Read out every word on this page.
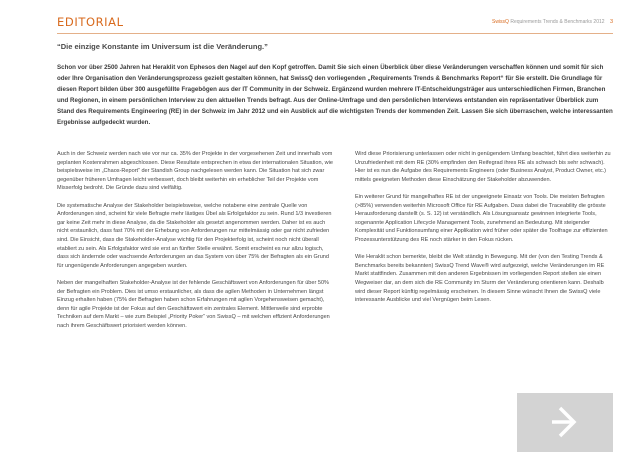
EDITORIAL	SwissQ Requirements Trends & Benchmarks 2012 3

“Die einzige Konstante im Universum ist die Veränderung.”

Schon vor über 2500 Jahren hat Heraklit von Ephesos den Nagel auf den Kopf getroffen. Damit Sie sich einen Überblick über diese Veränderungen verschaffen können und somit für sich oder Ihre Organisation den Veränderungsprozess gezielt gestalten können, hat SwissQ den vorliegenden „Requirements Trends & Benchmarks Report“ für Sie erstellt. Die Grundlage für diesen Report bilden über 300 ausgefüllte Fragebögen aus der IT Community in der Schweiz. Ergänzend wurden mehrere IT-Entscheidungsträger aus unterschiedlichen Firmen, Branchen und Regionen, in einem persönlichen Interview zu den aktuellen Trends befragt. Aus der Online-Umfrage und den persönlichen Interviews entstanden ein repräsentativer Überblick zum Stand des Requirements Engineering (RE) in der Schweiz im Jahr 2012 und ein Ausblick auf die wichtigsten Trends der kommenden Zeit. Lassen Sie sich überraschen, welche interessanten Ergebnisse aufgedeckt wurden.

Auch in der Schweiz werden nach wie vor nur ca. 35% der Projekte in der vorgesehenen Zeit und innerhalb vom geplanten Kostenrahmen abgeschlossen. Diese Resultate entsprechen in etwa der internationalen Situation, wie beispielsweise im „Chaos-Report“ der Standish Group nachgelesen werden kann. Die Situation hat sich zwar gegenüber früheren Umfragen leicht verbessert, doch bleibt weiterhin ein erheblicher Teil der Projekte vom Misserfolg bedroht. Die Gründe dazu sind vielfältig.

Die systematische Analyse der Stakeholder beispielsweise, welche notabene eine zentrale Quelle von Anforderungen sind, scheint für viele Befragte mehr lästiges Übel als Erfolgsfaktor zu sein. Rund 1/3 investieren gar keine Zeit mehr in diese Analyse, da die Stakeholder als gesetzt angenommen werden. Daher ist es auch nicht erstaunlich, dass fast 70% mit der Erhebung von Anforderungen nur mittelmässig oder gar nicht zufrieden sind. Die Einsicht, dass die Stakeholder-Analyse wichtig für den Projekterfolg ist, scheint noch nicht überall etabliert zu sein. Als Erfolgsfaktor wird sie erst an fünfter Stelle erwähnt. Somit erscheint es nur allzu logisch, dass sich ändernde oder wachsende Anforderungen an das System von über 75% der Befragten als ein Grund für ungenügende Anforderungen angegeben wurden.

Neben der mangelhaften Stakeholder-Analyse ist der fehlende Geschäftswert von Anforderungen für über 50% der Befragten ein Problem. Dies ist umso erstaunlicher, als dass die agilen Methoden in Unternehmen längst Einzug erhalten haben (75% der Befragten haben schon Erfahrungen mit agilen Vorgehensweisen gemacht), denn für agile Projekte ist der Fokus auf den Geschäftswert ein zentrales Element. Mittlerweile sind erprobte Techniken auf dem Markt – wie zum Beispiel „Priority Poker“ von SwissQ – mit welchen effizient Anforderungen nach ihrem Geschäftswert priorisiert werden können.

Wird diese Priorisierung unterlassen oder nicht in genügendem Umfang beachtet, führt dies weiterhin zu Unzufriedenheit mit dem RE (30% empfinden den Reifegrad ihres RE als schwach bis sehr schwach). Hier ist es nun die Aufgabe des Requirements Engineers (oder Business Analyst, Product Owner, etc.) mittels geeigneten Methoden diese Einschätzung der Stakeholder abzuwenden.

Ein weiterer Grund für mangelhaftes RE ist der ungeeignete Einsatz von Tools. Die meisten Befragten (>85%) verwenden weiterhin Microsoft Office für RE Aufgaben. Dass dabei die Traceability die grösste Herausforderung darstellt (s. S. 12) ist verständlich. Als Lösungsansatz gewinnen integrierte Tools, sogenannte Application Lifecycle Management Tools, zunehmend an Bedeutung. Mit steigender Komplexität und Funktionsumfang einer Applikation wird früher oder später die Toolfrage zur effizienten Prozessunterstützung des RE noch stärker in den Fokus rücken.

Wie Heraklit schon bemerkte, bleibt die Welt ständig in Bewegung. Mit der (von den Testing Trends & Benchmarks bereits bekannten) SwissQ Trend Wave® wird aufgezeigt, welche Veränderungen im RE Markt stattfinden. Zusammen mit den anderen Ergebnissen im vorliegenden Report stellen sie einen Wegweiser dar, an dem sich die RE Community im Sturm der Veränderung orientieren kann. Deshalb wird dieser Report künftig regelmässig erscheinen. In diesem Sinne wünscht Ihnen die SwissQ viele interessante Ausblicke und viel Vergnügen beim Lesen.
